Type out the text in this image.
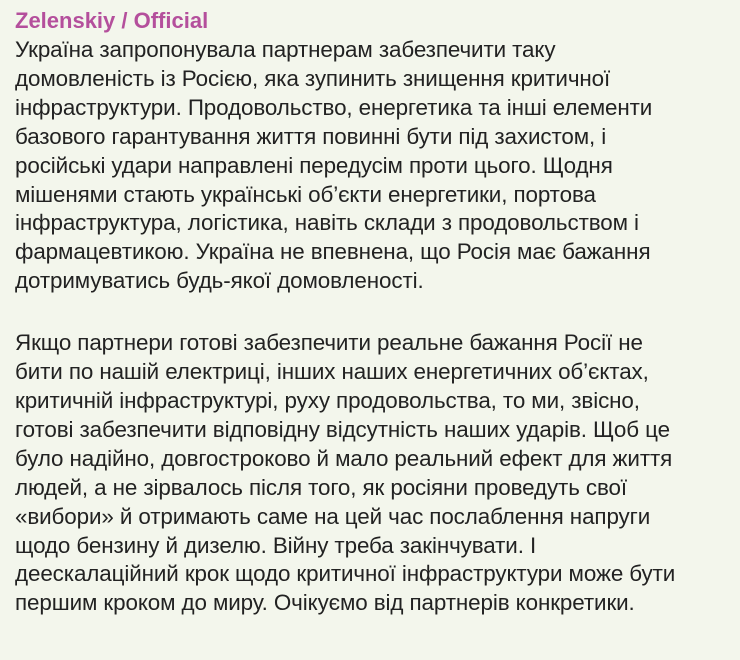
Zelenskiy / Official
Україна запропонувала партнерам забезпечити таку
домовленість із Росією, яка зупинить знищення критичної
інфраструктури. Продовольство, енергетика та інші елементи
базового гарантування життя повинні бути під захистом, і
російські удари направлені передусім проти цього. Щодня
мішенями стають українські об’єкти енергетики, портова
інфраструктура, логістика, навіть склади з продовольством і
фармацевтикою. Україна не впевнена, що Росія має бажання
дотримуватись будь-якої домовленості.
Якщо партнери готові забезпечити реальне бажання Росії не
бити по нашій електриці, інших наших енергетичних об’єктах,
критичній інфраструктурі, руху продовольства, то ми, звісно,
готові забезпечити відповідну відсутність наших ударів. Щоб це
було надійно, довгостроково й мало реальний ефект для життя
людей, а не зірвалось після того, як росіяни проведуть свої
«вибори» й отримають саме на цей час послаблення напруги
щодо бензину й дизелю. Війну треба закінчувати. І
деескалаційний крок щодо критичної інфраструктури може бути
першим кроком до миру. Очікуємо від партнерів конкретики.
